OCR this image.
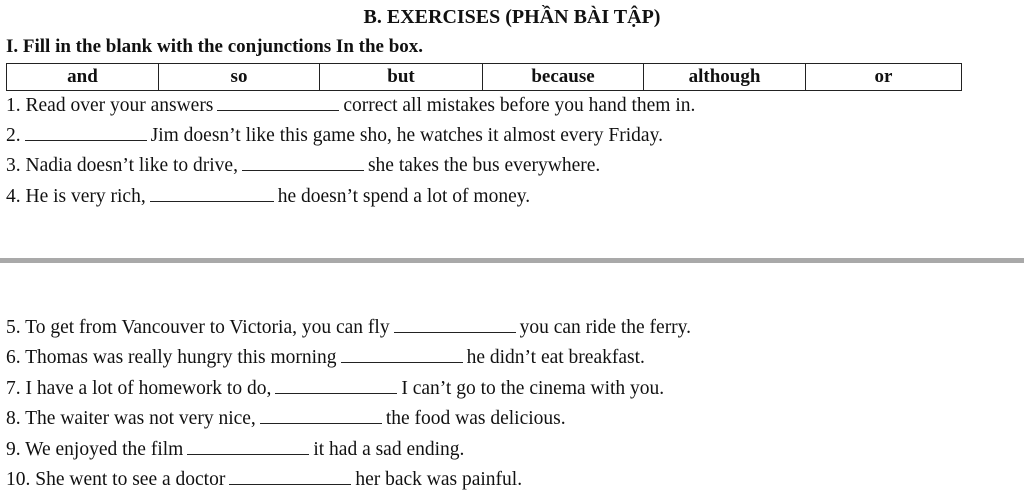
B. EXERCISES (PHẦN BÀI TẬP)
I. Fill in the blank with the conjunctions In the box.
and	so	but	because	although	or
1. Read over your answers	correct all mistakes before you hand them in.
2.	Jim doesn’t like this game sho, he watches it almost every Friday.
3. Nadia doesn’t like to drive,	she takes the bus everywhere.
4. He is very rich,	he doesn’t spend a lot of money.
5. To get from Vancouver to Victoria, you can fly	you can ride the ferry.
6. Thomas was really hungry this morning	he didn’t eat breakfast.
7. I have a lot of homework to do,	I can’t go to the cinema with you.
8. The waiter was not very nice,	the food was delicious.
9. We enjoyed the film	it had a sad ending.
10. She went to see a doctor	her back was painful.
